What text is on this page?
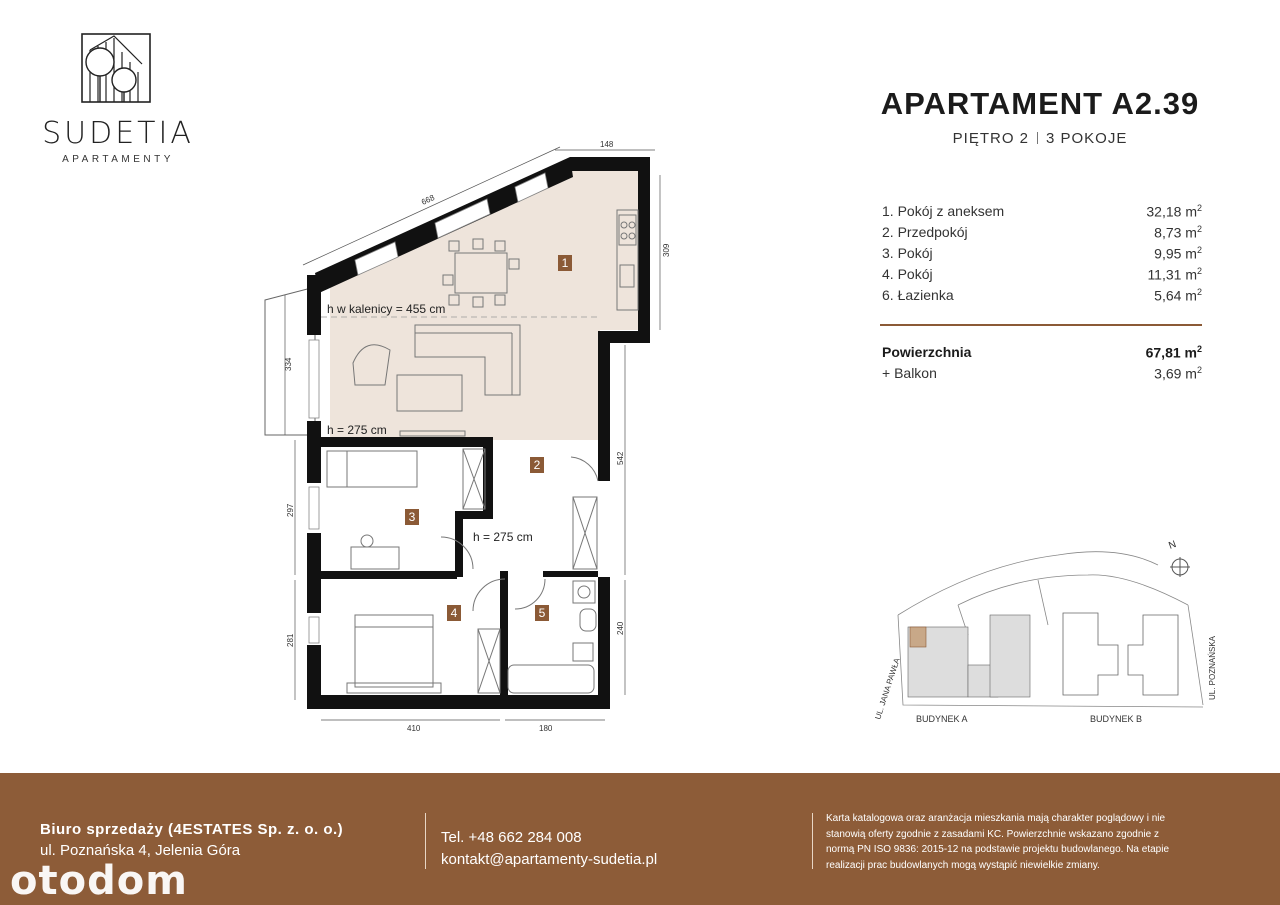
SUDETIA
APARTAMENTY
APARTAMENT A2.39
PIĘTRO 2 3 POKOJE
1. Pokój z aneksem	32,18 $m^2$
2. Przedpokój	8,73 $m^2$
3. Pokój	9,95 $m^2$
4. Pokój	11,31 $m^2$
6. Łazienka	5,64 $m^2$
Powierzchnia	67,81 $m^2$
+ Balkon	3,69 $m^2$
1
2
3
4	5
h w kalenicy = 455 cm
h = 275 cm
h = 275 cm
148
668
309
542
240
334
297
281
410	180
N
UL. JANA PAWŁA	UL. POZNAŃSKA
BUDYNEK A	BUDYNEK B
Biuro sprzedaży (4ESTATES Sp. z. o. o.)
ul. Poznańska 4, Jelenia Góra
Tel. +48 662 284 008
kontakt@apartamenty-sudetia.pl
Karta katalogowa oraz aranżacja mieszkania mają charakter poglądowy i nie
stanowią oferty zgodnie z zasadami KC. Powierzchnie wskazano zgodnie z
normą PN ISO 9836: 2015-12 na podstawie projektu budowlanego. Na etapie
realizacji prac budowlanych mogą wystąpić niewielkie zmiany.
otodom
